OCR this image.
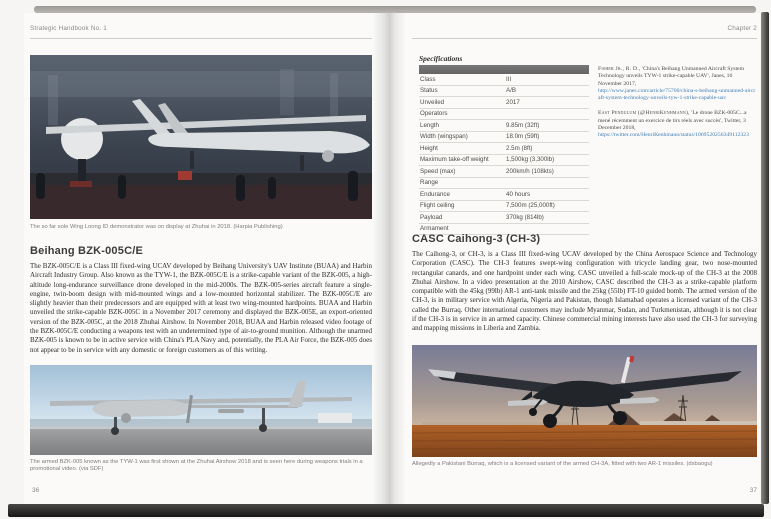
Strategic Handbook No. 1
The so far sole Wing Loong ID demonstrator was on display at Zhuhai in 2018. (Harpia Publishing)
Beihang BZK-005C/E
The BZK-005C/E is a Class III fixed-wing UCAV developed by Beihang University's UAV Institute (BUAA) and Harbin Aircraft Industry Group. Also known as the TYW-1, the BZK-005C/E is a strike-capable variant of the BZK-005, a high-altitude long-endurance surveillance drone developed in the mid-2000s. The BZK-005-series aircraft feature a single-engine, twin-boom design with mid-mounted wings and a low-mounted horizontal stabilizer. The BZK-005C/E are slightly heavier than their predecessors and are equipped with at least two wing-mounted hardpoints. BUAA and Harbin unveiled the strike-capable BZK-005C in a November 2017 ceremony and displayed the BZK-005E, an export-oriented version of the BZK-005C, at the 2018 Zhuhai Airshow. In November 2018, BUAA and Harbin released video footage of the BZK-005C/E conducting a weapons test with an undetermined type of air-to-ground munition. Although the unarmed BZK-005 is known to be in active service with China's PLA Navy and, potentially, the PLA Air Force, the BZK-005 does not appear to be in service with any domestic or foreign customers as of this writing.
The armed BZK-005 known as the TYW-1 was first shown at the Zhuhai Airshow 2018 and is seen here during weapons trials in a promotional video. (via SDF)
36
Chapter 2
Specifications
Class	III
Status	A/B
Unveiled	2017
Operators
Length	9.85m (32ft)
Width (wingspan)	18.0m (59ft)
Height	2.5m (8ft)
Maximum take-off weight	1,500kg (3,300lb)
Speed (max)	200km/h (108kts)
Range
Endurance	40 hours
Flight ceiling	7,500m (25,000ft)
Payload	370kg (814lb)
Armament

Fisher Jr., R. D., 'China's Beihang Unmanned Aircraft System Technology unveils TYW-1 strike-capable UAV', Janes, 16 November 2017,
http://www.janes.com/article/75700/china-s-beihang-unmanned-aircraft-system-technology-unveils-tyw-1-strike-capable-uav

East Pendulum (@HenriKenhmann), 'Le drone BZK-005C...a mené récemment un exercice de tirs réels avec succès', Twitter, 3 December 2018,
https://twitter.com/HenriKenhmann/status/1069520256349112323

CASC Caihong-3 (CH-3)
The Caihong-3, or CH-3, is a Class III fixed-wing UCAV developed by the China Aerospace Science and Technology Corporation (CASC). The CH-3 features swept-wing configuration with tricycle landing gear, two nose-mounted rectangular canards, and one hardpoint under each wing. CASC unveiled a full-scale mock-up of the CH-3 at the 2008 Zhuhai Airshow. In a video presentation at the 2010 Airshow, CASC described the CH-3 as a strike-capable platform compatible with the 45kg (99lb) AR-1 anti-tank missile and the 25kg (55lb) FT-10 guided bomb. The armed version of the CH-3, is in military service with Algeria, Nigeria and Pakistan, though Islamabad operates a licensed variant of the CH-3 called the Burraq. Other international customers may include Myanmar, Sudan, and Turkmenistan, although it is not clear if the CH-3 is in service in an armed capacity. Chinese commercial mining interests have also used the CH-3 for surveying and mapping missions in Liberia and Zambia.
Allegedly a Pakistani Burraq, which is a licensed variant of the armed CH-3A, fitted with two AR-1 missiles. (dsbaogu)
37
